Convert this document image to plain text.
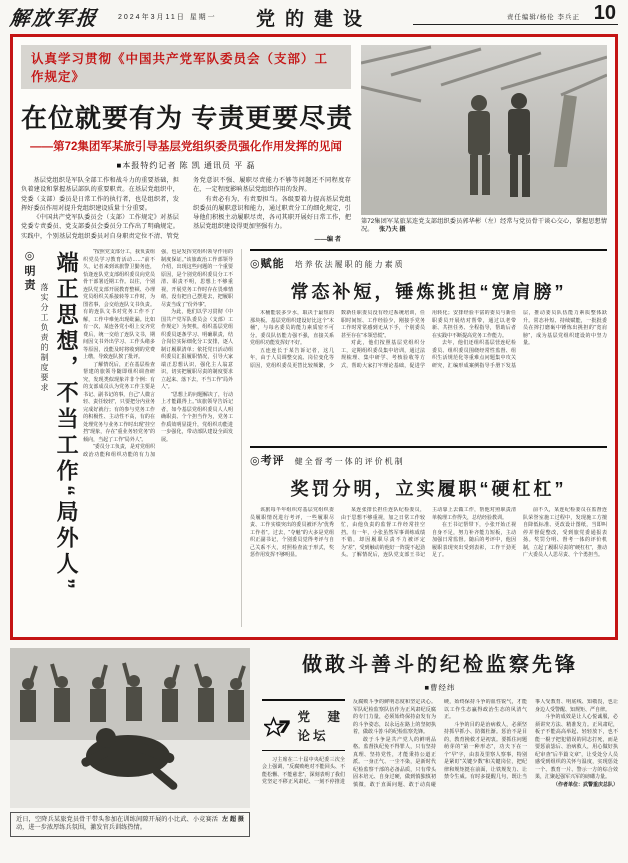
解放军报	2024年3月11日 星期一	党的建设	责任编辑/杨伦 李兵正 10
认真学习贯彻《中国共产党军队委员会（支部）工作规定》
在位就要有为 专责更要尽责
——第72集团军某旅引导基层党组织委员强化作用发挥的见闻
■本报特约记者 陈 凯 通讯员 平 磊

基层党组织是军队全部工作和战斗力的重要基础，担负着建设和掌握基层部队的重要职责。在基层党组织中，党委（支部）委员是日常工作的执行者，也是组织者，发挥好委员作用对提升党组织建设质量十分重要。

《中国共产党军队委员会（支部）工作规定》对基层党委专责委员、党支部委员会委员分工作出了明确规定。实践中，个别基层党组织委员对自身职责定位不清、管党务党意识不强、履职尽责能力不够等问题还不同程度存在，一定程度影响基层党组织作用的发挥。

有责必有为，有责要担当。各级要着力提高基层党组织委员的履职意识和能力，通过职责分工的细化规定，引导他们积极主动履职尽责，各司其职开展好日常工作，把基层党组织建设得更加坚强有力。

——编 者
第72集团军某旅某连党支部组织委员郭华彬（左）经常与党员骨干谈心交心，掌握思想情况。 张乃夫 摄
◎明责
落实分工负责的制度要求 端正思想，不当工作“局外人”	“按照党支部分工，我负责组织党员学习教育活动……”前不久，记者来到该旅警卫勤务连，恰逢连队党支部组织委员向党员骨干部署近期工作。以往，个别连队党支部开展教育整顿、办理党员组织关系接转等工作时，为图省事，会交给连队文书负责。有的连队文书对党务工作不了解，工作中难免出现纰漏。比如有一次，某连各党小组上交齐党费后，统一交给了连队文书，期间因文书外出学习、工作头绪多等原因，没能及时将收到的党费上缴，导致连队挨了批评。

了解情况后，正在基层检查帮建的旅领导随即组织调查研究，发现类似现象并非个例：有的支部成员认为党务工作主要是书记、副书记的事，自己“人微言轻、责任较轻”，只要把分内业务完成好就行；有的参与党务工作的积极性、主动性不高，有的在处理党务与业务工作时出现“挂空挡”现象，存在“重业务轻党务”的倾向，当起了工作“局外人”。

“委员分工负责，是对党组织政治功能和组织功能的有力加强，也是发挥党组织领导作用的制度保证。”该旅政治工作部领导介绍，出现这些问题的一个重要原因，是个别党组织委员分工不清、职责不明，思想上不够重视，开展党务工作时存在畏难情绪，没有把自己摆进去，把履职尽责当成了“份外事”。

为此，他们以学习贯彻《中国共产党军队委员会（支部）工作规定》为契机，组织基层党组织委员逐条学习、明确职责，结合岗位实际细化分工安排，逐人制订履职清单；依托党日活动组织委员汇报履职情况，引导大家端正思想认识，强化主人翁意识，切实把履职尽责的制度要求立起来、落下去，不当工作“局外人”。

“思想上的问题解决了，行动上才能跟得上。”该旅领导告诉记者，如今基层党组织委员人人明确职责、个个担当作为，党务工作质效明显提升，党组织功能进一步强化，带动部队建设全面发展。

◎赋能 培养依法履职的能力素质
常态补短，锤炼挑担“宽肩膀”

木桶能装多少水，取决于最短的那块板。基层党组织建设好比这个“木桶”，与每名委员的能力素质密不可分。委员队伍能力强不强，直接关系党组织功能发挥好不好。

五连连长于某告诉记者，这几年，由于人员调整交流、岗位变化等原因，党组织委员更替比较频繁，少数新任职委员没有经过系统培训，任职时间短、工作经验少，刚接手党务工作时常常感到无从下手，个别委员甚至存在“本领恐慌”。

对此，他们按照基层党组织分工，定期组织委员集中培训，通过法规梳理、集中研学、考核验收等方式，帮助大家打牢理论基础，促进学用转化；安排经验丰富的委员与新任职委员开展结对帮带，通过以老带新、共担任务、全程指导，帮助后者在实践中不断提高党务工作能力。

去年，他们还组织基层营连纪检委员、组织委员围绕经常性监督、组织生活规范化等重难点问题集中攻关研究，汇编形成案例指导手册下发基层，推动委员队伍能力素质整体跃升。常态补短、持续赋能，一批批委员在摔打磨砺中锤炼出挑担的“宽肩膀”，成为基层党组织建设的中坚力量。

◎考评 健全督考一体的评价机制
奖罚分明，立实履职“硬杠杠”

该旅每半年组织对基层党组织委员履职情况进行考评，一些履职尽责、工作实绩突出的委员被评为“优秀工作者”。过去，“夺魁”的大多是党组织正副书记，个别委员觉得考评与自己关系不大，对照检查流于形式，奖惩作用发挥不够明显。

某连张排长担任连队纪检委员，由于思想不够重视，加之日常工作较忙，由他负责的监督工作经常挂空挡。有一年，小张虽然军事训练成绩不错，却因履职尽责不力被评定为“差”，受到触动的他好一阵提不起劲头。了解情况后，连队党支部王书记主动靠上去做工作，帮他对照职责清单梳理工作得失，总结经验教训。

在王书记帮带下，小张开始正视自身不足，努力补齐能力短板，主动加强日常监督。随后的考评中，他因履职表现突出受到表彰，工作干劲更足了。

前不久，某连纪检委员在监督连队荣誉室施工过程中，发现施工方擅自降低标准、更改设计图纸，当即叫停并督促整改，受到旅党委通报表扬。奖罚分明、督考一体的评价机制，立起了履职尽责的“硬杠杠”，推动广大委员人人思尽责、个个勇担当。

左 超 摄
近日，空降兵某旅党员骨干带头参加在训练间隙开展的小比武、小竞赛活动，进一步浓厚练兵氛围，激发官兵训练热情。
做敢斗善斗的纪检监察先锋
■曹经纬
党建论坛

习主席在二十届中央纪委三次全会上强调，“反腐败绝对不能回头、不能松懈、不能慈悲”，深刻表明了我们党坚定不移正风肃纪、一刻不停推进反腐败斗争的鲜明态度和坚定决心。军队纪检监察队伍作为正风肃纪反腐的专门力量，必须始终保持奋发有为的斗争姿态，以永远在路上的坚韧执着，做敢斗善斗的纪检监察先锋。

敢于斗争是共产党人的鲜明品格。监督执纪免不得罪人，只有坚持真理、坚持党性，才能秉持公道正派。一身正气、一尘不染，是新时代纪检监察干部的必备品质，只有带头固本培元、自身过硬，做到慎独慎初慎微，敢于直面问题、敢于动真碰硬，始终保持斗争的血性锐气，才能以工作生态赢得政治生态的风清气正。

斗争的目的是治病救人，必须坚持抓早抓小、防微杜渐。惩治不是目的，教育挽救才是初衷。要抓住问题萌芽的“第一种形态”，功夫下在一个“早”字，由表及里察人察事，特别是紧盯“关键少数”和关键岗位，把纪律和规矩挺在前面，让铁规发力、让禁令生威。有时多提醒几句，既让当事人受教育、明底线、知敬畏，也让身边人受警醒、知规矩、严自律。

斗争的成效是让人心悦诚服，必须讲究方法、精准发力。正风肃纪，板子不能高高举起、轻轻放下，也不能一棍子把犯错误的同志打死，而是要惩前毖后、治病救人，用心做好执纪审查“后半篇文章”，让受处分人员感受到组织的关怀与温度，实现惩处一个、教育一片、警示一方的综合效果，汇聚起强军兴军的磅礴力量。

（作者单位：武警重庆总队）
